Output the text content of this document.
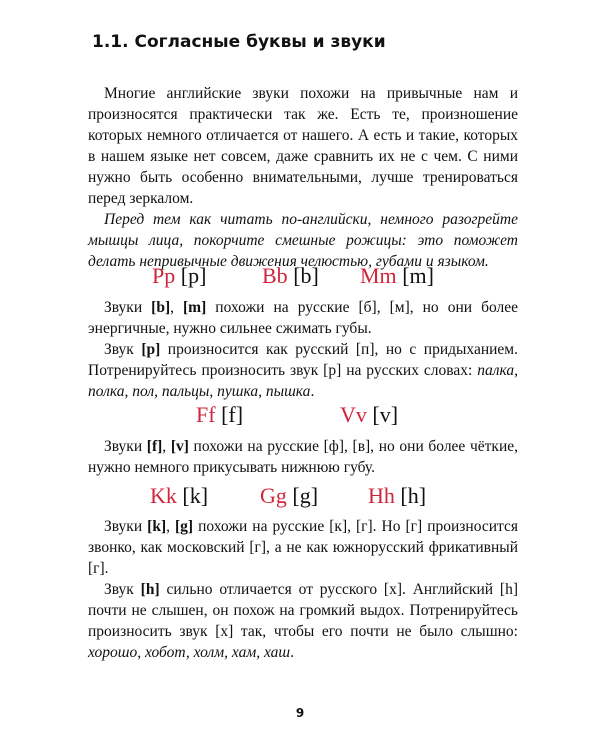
1.1. Согласные буквы и звуки

Многие английские звуки похожи на привычные нам и произносятся практически так же. Есть те, произношение которых немного отличается от нашего. А есть и такие, которых в нашем языке нет совсем, даже сравнить их не с чем. С ними нужно быть особенно внимательными, лучше тренироваться перед зеркалом.

Перед тем как читать по-английски, немного разогрейте мышцы лица, покорчите смешные рожицы: это поможет делать непривычные движения челюстью, губами и языком.

Pp [p]	Bb [b] Mm [m]

Звуки [b], [m] похожи на русские [б], [м], но они более энергичные, нужно сильнее сжимать губы.

Звук [p] произносится как русский [п], но с придыханием. Потренируйтесь произносить звук [p] на русских словах: палка, полка, пол, пальцы, пушка, пышка.

Ff [f]	Vv [v]

Звуки [f], [v] похожи на русские [ф], [в], но они более чёткие, нужно немного прикусывать нижнюю губу.

Kk [k] Gg [g] Hh [h]

Звуки [k], [g] похожи на русские [к], [г]. Но [г] произносится звонко, как московский [г], а не как южнорусский фрикативный [г].

Звук [h] сильно отличается от русского [х]. Английский [h] почти не слышен, он похож на громкий выдох. Потренируйтесь произносить звук [х] так, чтобы его почти не было слышно: хорошо, хобот, холм, хам, хаш.

9
